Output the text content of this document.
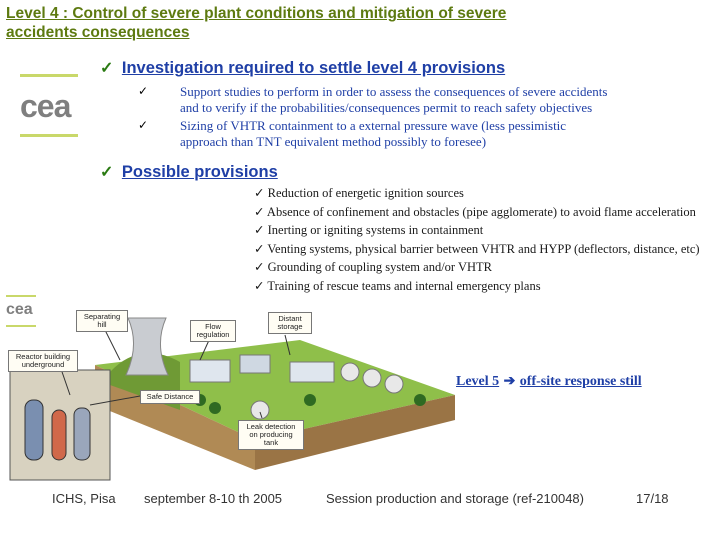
Level 4 : Control of severe plant conditions and mitigation of severe
accidents consequences
cea
✓ Investigation required to settle level 4 provisions
✓ Support studies to perform in order to assess the consequences of severe accidents
and to verify if the probabilities/consequences permit to reach safety objectives
✓ Sizing of VHTR containment to a external pressure wave (less pessimistic
approach than TNT equivalent method possibly to foresee)
✓ Possible provisions
✓ Reduction of energetic ignition sources
✓ Absence of confinement and obstacles (pipe agglomerate) to avoid flame acceleration
✓ Inerting or igniting systems in containment
✓ Venting systems, physical barrier between VHTR and HYPP (deflectors, distance, etc)
✓ Grounding of coupling system and/or VHTR
✓ Training of rescue teams and internal emergency plans
cea	Separating hill	Flow regulation
Distant storage
Reactor building underground
Safe Distance
Leak detection on producing tank
Level 5 ➔ off-site response still
ICHS, Pisa september 8-10 th 2005	Session production and storage (ref-210048)	17/18
